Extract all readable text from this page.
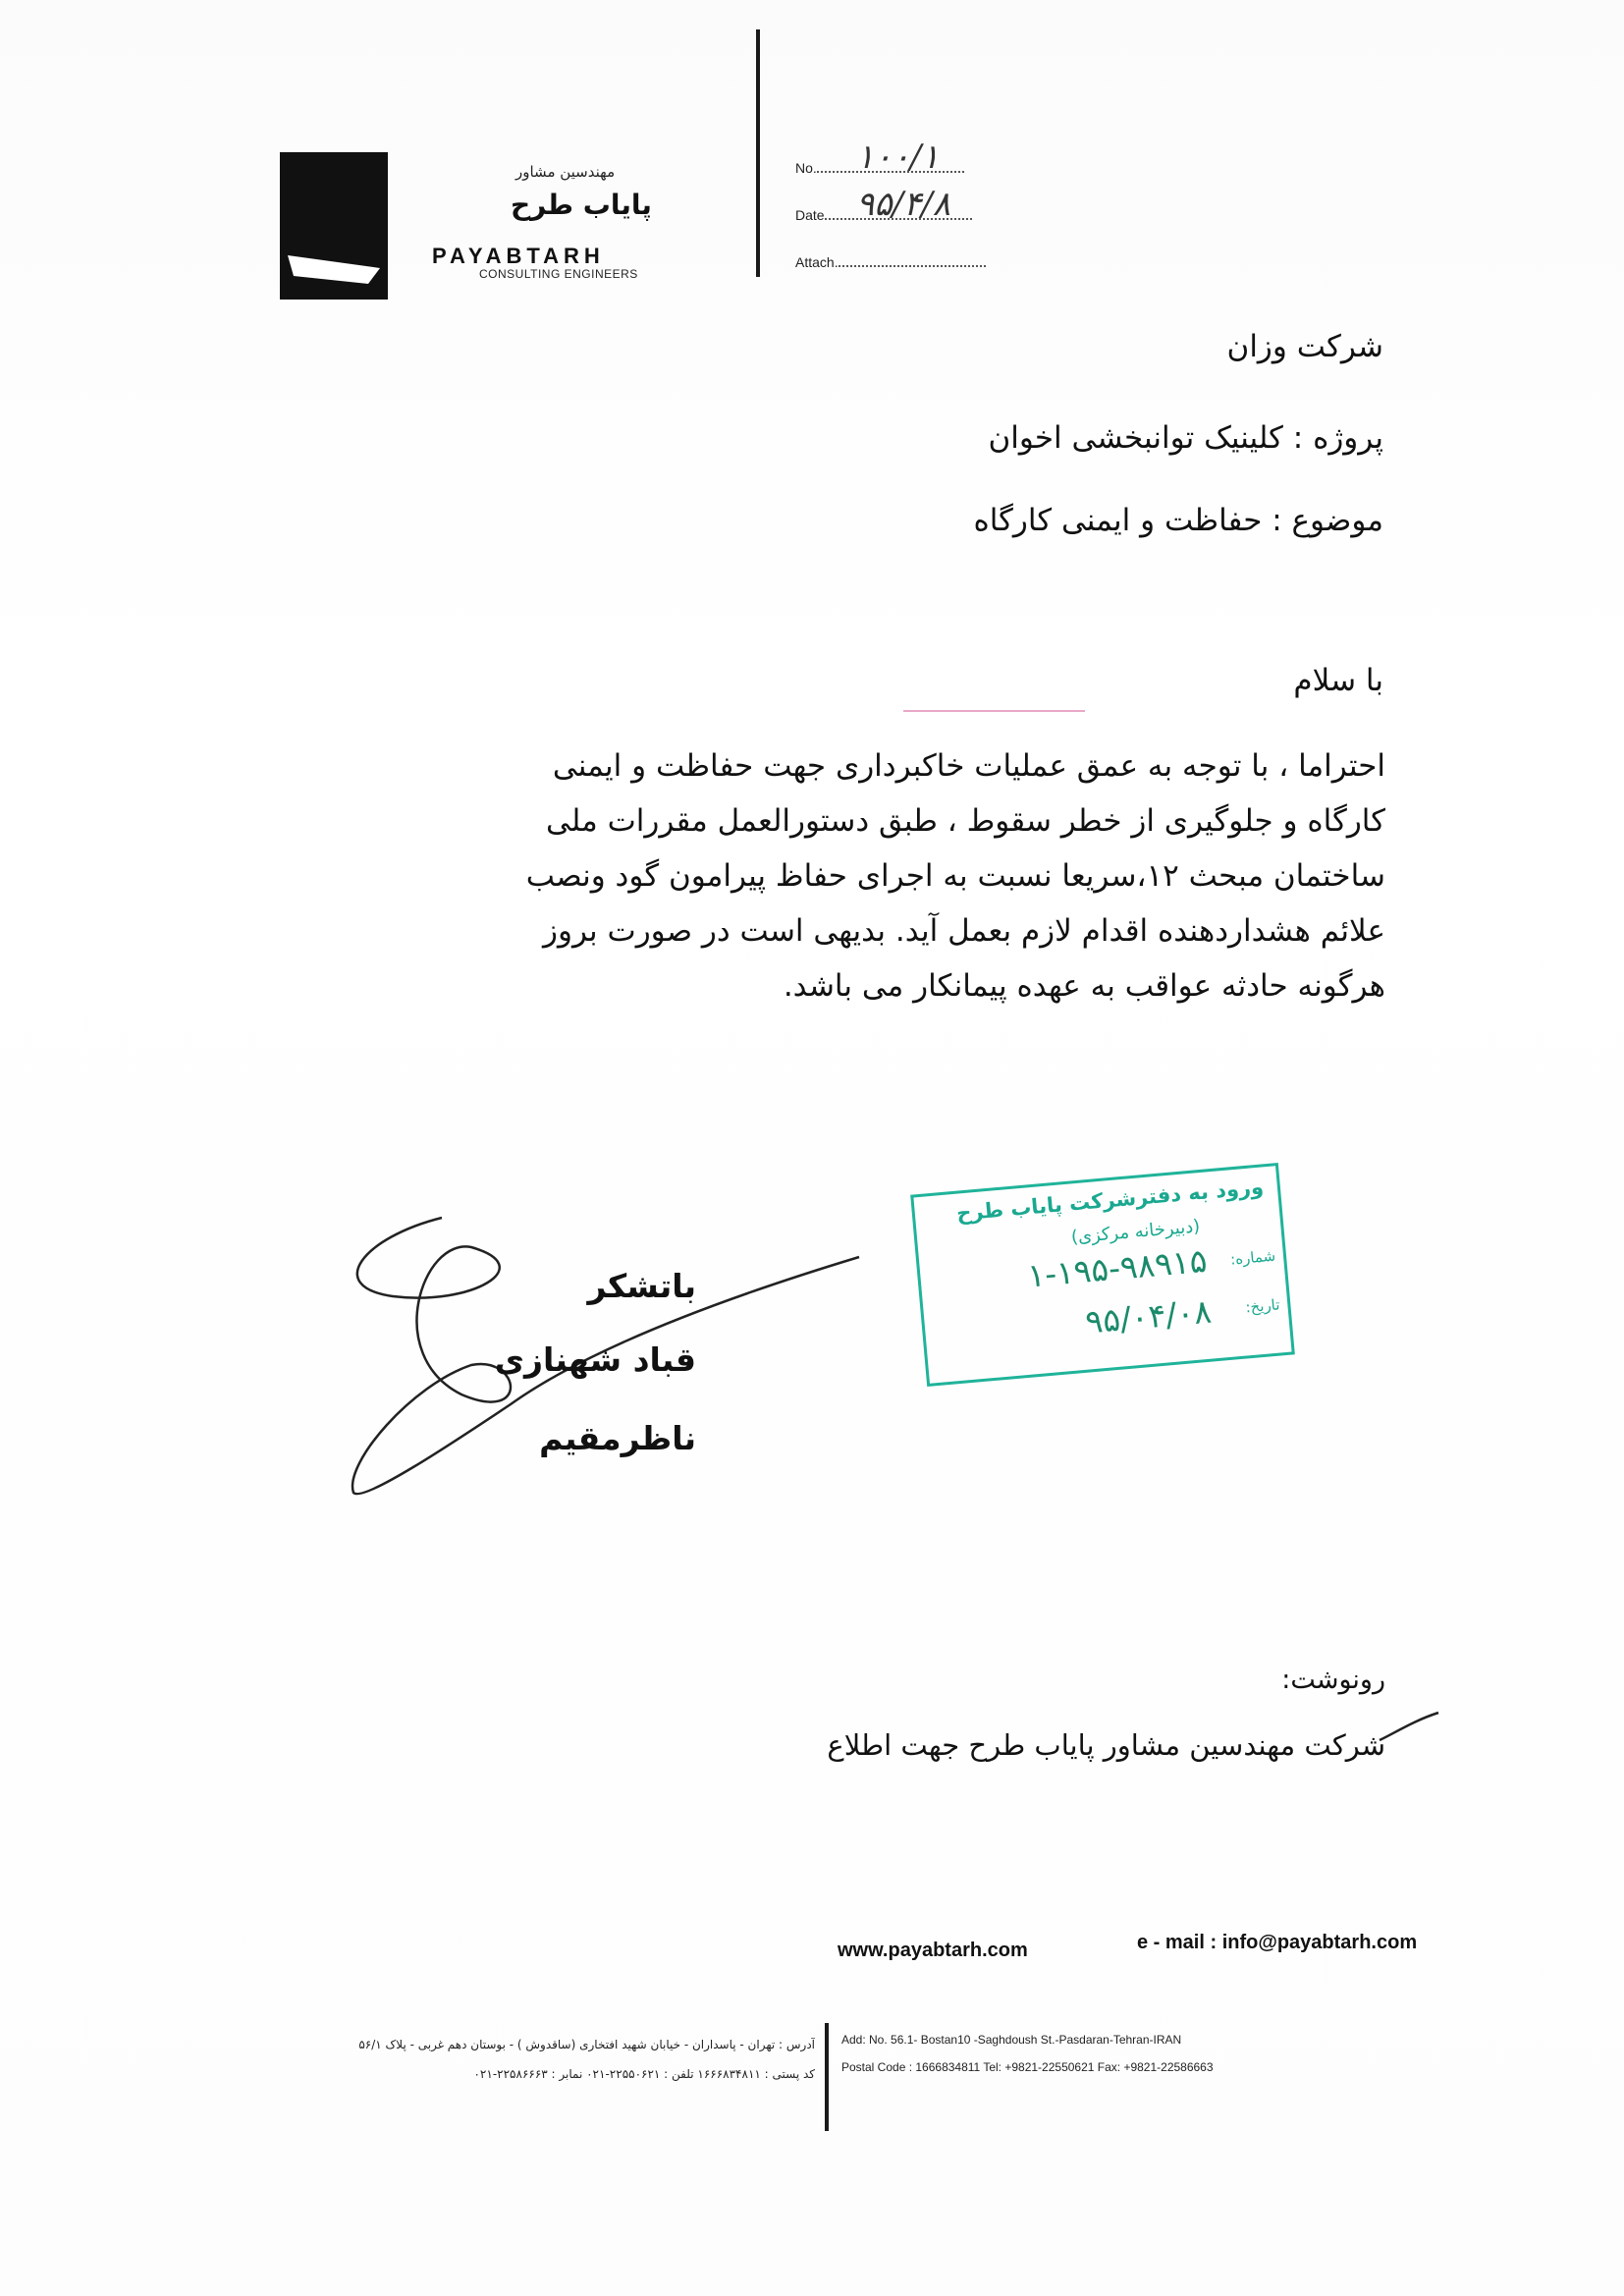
مهندسین مشاور
پایاب طرح
PAYABTARH
CONSULTING ENGINEERS
No. ۱۰۰/۱
Date ۹۵/۴/۸
Attach.
شرکت وزان
پروژه : کلینیک توانبخشی اخوان
موضوع : حفاظت و ایمنی کارگاه
با سلام
احتراما ، با توجه به عمق عملیات خاکبرداری جهت حفاظت و ایمنی
کارگاه و جلوگیری از خطر سقوط ، طبق دستورالعمل مقررات ملی
ساختمان مبحث ۱۲،سریعا نسبت به اجرای حفاظ پیرامون گود ونصب
علائم هشداردهنده اقدام لازم بعمل آید. بدیهی است در صورت بروز
هرگونه حادثه عواقب به عهده پیمانکار می باشد.
ورود به دفترشرکت پایاب طرح
(دبیرخانه مرکزی)
شماره:
۱-۱۹۵-۹۸۹۱۵
تاریخ:
۹۵/۰۴/۰۸
باتشکر
قباد شهنازی
ناظرمقیم
رونوشت:
شرکت مهندسین مشاور پایاب طرح جهت اطلاع
www.payabtarh.com	e - mail : info@payabtarh.com
آدرس : تهران - پاسداران - خیابان شهید افتخاری (ساقدوش ) - بوستان دهم غربی - پلاک ۵۶/۱
کد پستی : ۱۶۶۶۸۳۴۸۱۱ تلفن : ۲۲۵۵۰۶۲۱-۰۲۱ نمابر : ۲۲۵۸۶۶۶۳-۰۲۱
Add: No. 56.1- Bostan10 -Saghdoush St.-Pasdaran-Tehran-IRAN
Postal Code : 1666834811 Tel: +9821-22550621 Fax: +9821-22586663
